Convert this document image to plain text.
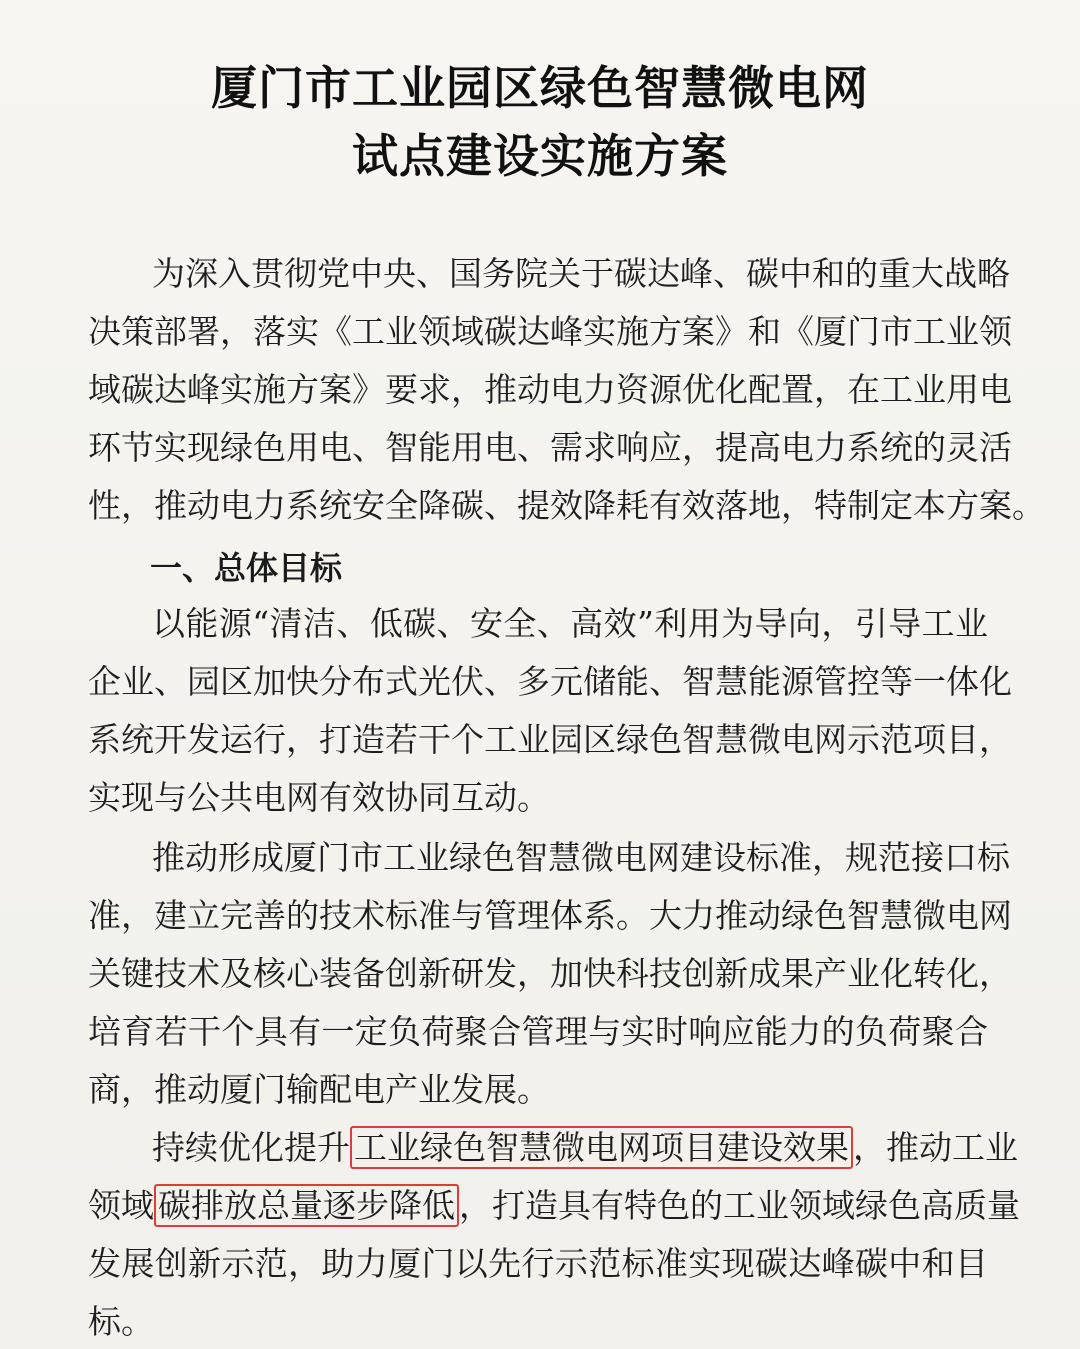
厦门市工业园区绿色智慧微电网
试点建设实施方案
为深入贯彻党中央、国务院关于碳达峰、碳中和的重大战略
决策部署，落实《工业领域碳达峰实施方案》和《厦门市工业领
域碳达峰实施方案》要求，推动电力资源优化配置，在工业用电
环节实现绿色用电、智能用电、需求响应，提高电力系统的灵活
性，推动电力系统安全降碳、提效降耗有效落地，特制定本方案。
一、总体目标
以能源“清洁、低碳、安全、高效”利用为导向，引导工业
企业、园区加快分布式光伏、多元储能、智慧能源管控等一体化
系统开发运行，打造若干个工业园区绿色智慧微电网示范项目，
实现与公共电网有效协同互动。
推动形成厦门市工业绿色智慧微电网建设标准，规范接口标
准，建立完善的技术标准与管理体系。大力推动绿色智慧微电网
关键技术及核心装备创新研发，加快科技创新成果产业化转化，
培育若干个具有一定负荷聚合管理与实时响应能力的负荷聚合
商，推动厦门输配电产业发展。
持续优化提升 工业绿色智慧微电网项目建设效果 ，推动工业
领域 碳排放总量逐步降低 ，打造具有特色的工业领域绿色高质量
发展创新示范，助力厦门以先行示范标准实现碳达峰碳中和目
标。
